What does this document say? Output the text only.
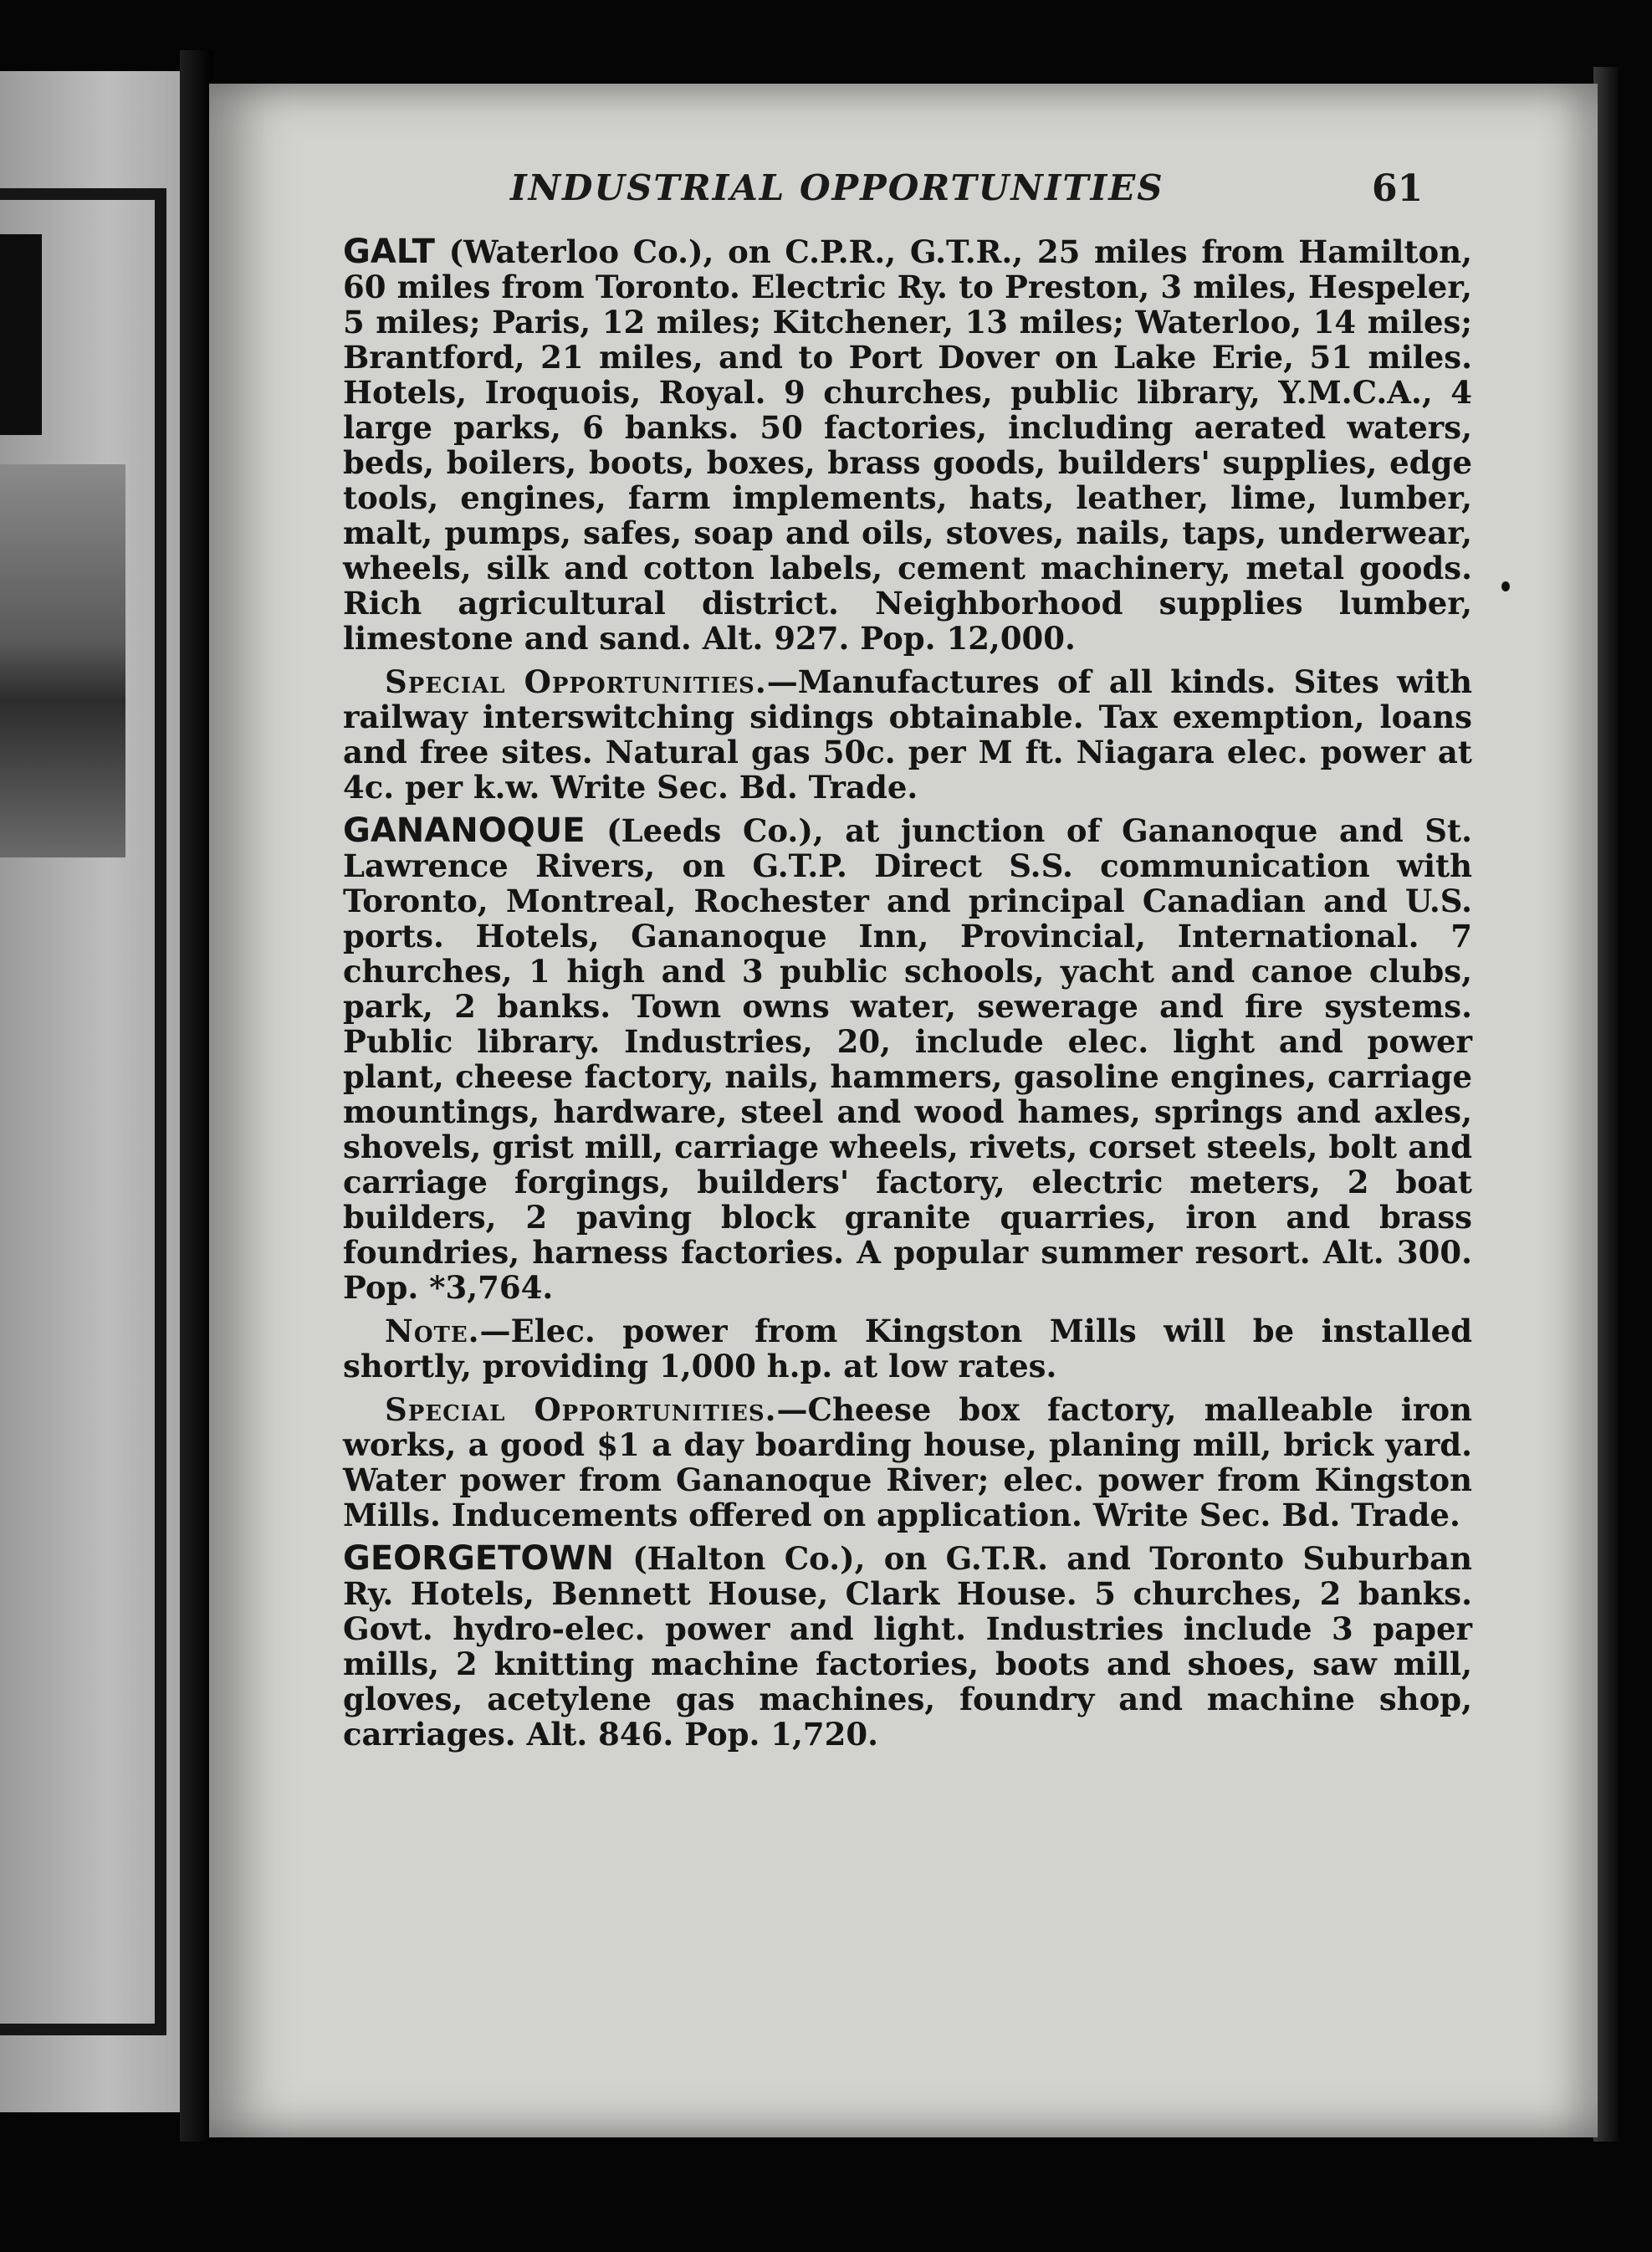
INDUSTRIAL OPPORTUNITIES	61

GALT (Waterloo Co.), on C.P.R., G.T.R., 25 miles from Hamilton, 60 miles from Toronto. Electric Ry. to Preston, 3 miles, Hespeler, 5 miles; Paris, 12 miles; Kitchener, 13 miles; Waterloo, 14 miles; Brantford, 21 miles, and to Port Dover on Lake Erie, 51 miles. Hotels, Iroquois, Royal. 9 churches, public library, Y.M.C.A., 4 large parks, 6 banks. 50 factories, including aerated waters, beds, boilers, boots, boxes, brass goods, builders' supplies, edge tools, engines, farm implements, hats, leather, lime, lumber, malt, pumps, safes, soap and oils, stoves, nails, taps, underwear, wheels, silk and cotton labels, cement machinery, metal goods. Rich agricultural district. Neighborhood supplies lumber, limestone and sand. Alt. 927. Pop. 12,000.

Special Opportunities.—Manufactures of all kinds. Sites with railway interswitching sidings obtainable. Tax exemption, loans and free sites. Natural gas 50c. per M ft. Niagara elec. power at 4c. per k.w. Write Sec. Bd. Trade.

GANANOQUE (Leeds Co.), at junction of Gananoque and St. Lawrence Rivers, on G.T.P. Direct S.S. communication with Toronto, Montreal, Rochester and principal Canadian and U.S. ports. Hotels, Gananoque Inn, Provincial, International. 7 churches, 1 high and 3 public schools, yacht and canoe clubs, park, 2 banks. Town owns water, sewerage and fire systems. Public library. Industries, 20, include elec. light and power plant, cheese factory, nails, hammers, gasoline engines, carriage mountings, hardware, steel and wood hames, springs and axles, shovels, grist mill, carriage wheels, rivets, corset steels, bolt and carriage forgings, builders' factory, electric meters, 2 boat builders, 2 paving block granite quarries, iron and brass foundries, harness factories. A popular summer resort. Alt. 300. Pop. *3,764.

Note.—Elec. power from Kingston Mills will be installed shortly, providing 1,000 h.p. at low rates.

Special Opportunities.—Cheese box factory, malleable iron works, a good $1 a day boarding house, planing mill, brick yard. Water power from Gananoque River; elec. power from Kingston Mills. Inducements offered on application. Write Sec. Bd. Trade.

GEORGETOWN (Halton Co.), on G.T.R. and Toronto Suburban Ry. Hotels, Bennett House, Clark House. 5 churches, 2 banks. Govt. hydro-elec. power and light. Industries include 3 paper mills, 2 knitting machine factories, boots and shoes, saw mill, gloves, acetylene gas machines, foundry and machine shop, carriages. Alt. 846. Pop. 1,720.
